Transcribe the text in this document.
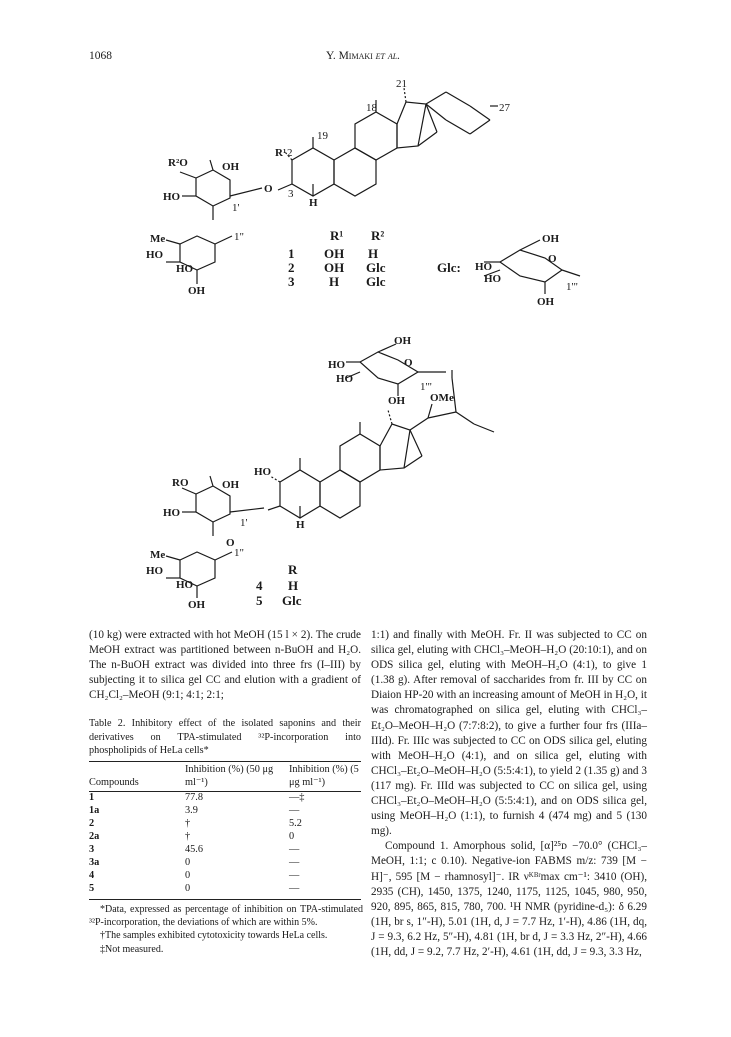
1068	Y. Mimaki et al.
21
18
19
27
2
3
1'
1"
1'"
R²O	OH
HO
O
Me
HO
HO
OH
H
R¹
R¹ R²
1 OH H
2 OH Glc
3	H Glc
Glc:
OH
HO
HO
O
OH
OH
HO
HO
O
OH OMe
HO
RO	OH
HO
Me
HO
HO
OH
O
H
1'
1"
1'"
R
4 H
5 Glc

(10 kg) were extracted with hot MeOH (15 l × 2). The crude MeOH extract was partitioned between n-BuOH and H₂O. The n-BuOH extract was divided into three frs (I–III) by subjecting it to silica gel CC and elution with a gradient of CH₂Cl₂–MeOH (9:1; 4:1; 2:1;

Table 2. Inhibitory effect of the isolated saponins and their derivatives on TPA-stimulated ³²P-incorporation into phospholipids of HeLa cells*

Compounds	Inhibition (%) (50 μg ml⁻¹)	Inhibition (%) (5 μg ml⁻¹)
1	77.8	—‡
1a	3.9	—
2	†	5.2
2a	†	0
3	45.6	—
3a	0	—
4	0	—
5	0	—

*Data, expressed as percentage of inhibition on TPA-stimulated ³²P-incorporation, the deviations of which are within 5%.

†The samples exhibited cytotoxicity towards HeLa cells.

‡Not measured.

1:1) and finally with MeOH. Fr. II was subjected to CC on silica gel, eluting with CHCl₃–MeOH–H₂O (20:10:1), and on ODS silica gel, eluting with MeOH–H₂O (4:1), to give 1 (1.38 g). After removal of saccharides from fr. III by CC on Diaion HP-20 with an increasing amount of MeOH in H₂O, it was chromatographed on silica gel, eluting with CHCl₃–Et₂O–MeOH–H₂O (7:7:8:2), to give a further four frs (IIIa–IIId). Fr. IIIc was subjected to CC on ODS silica gel, eluting with MeOH–H₂O (4:1), and on silica gel, eluting with CHCl₃–Et₂O–MeOH–H₂O (5:5:4:1), to yield 2 (1.35 g) and 3 (117 mg). Fr. IIId was subjected to CC on silica gel, using CHCl₃–Et₂O–MeOH–H₂O (5:5:4:1), and on ODS silica gel, using MeOH–H₂O (1:1), to furnish 4 (474 mg) and 5 (130 mg).

Compound 1. Amorphous solid, [α]²⁵ᴅ −70.0° (CHCl₃–MeOH, 1:1; c 0.10). Negative-ion FABMS m/z: 739 [M − H]⁻, 595 [M − rhamnosyl]⁻. IR νᴷᴮʳmax cm⁻¹: 3410 (OH), 2935 (CH), 1450, 1375, 1240, 1175, 1125, 1045, 980, 950, 920, 895, 865, 815, 780, 700. ¹H NMR (pyridine-d₅): δ 6.29 (1H, br s, 1″-H), 5.01 (1H, d, J = 7.7 Hz, 1′-H), 4.86 (1H, dq, J = 9.3, 6.2 Hz, 5″-H), 4.81 (1H, br d, J = 3.3 Hz, 2″-H), 4.66 (1H, dd, J = 9.2, 7.7 Hz, 2′-H), 4.61 (1H, dd, J = 9.3, 3.3 Hz,
